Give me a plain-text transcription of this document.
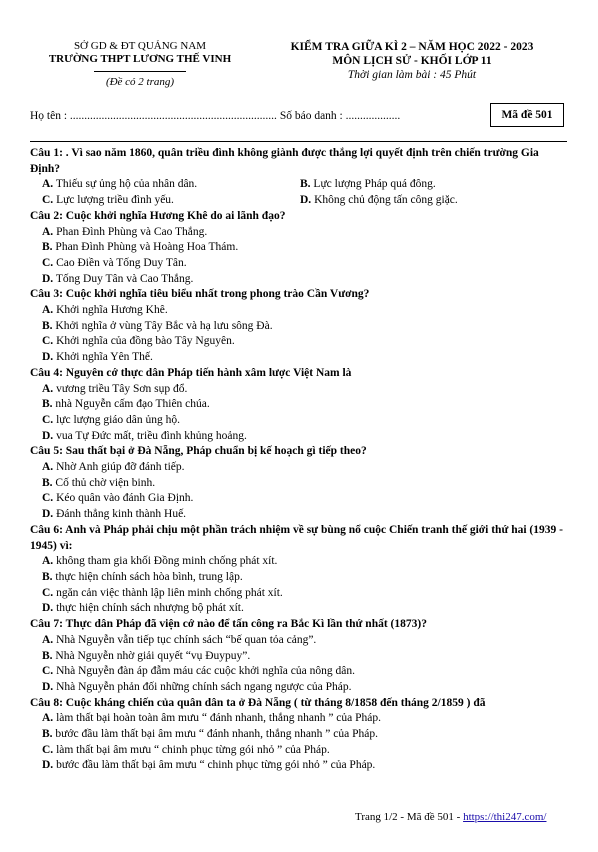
SỞ GD & ĐT QUẢNG NAM
TRƯỜNG THPT LƯƠNG THẾ VINH
(Đề có 2 trang)
KIỂM TRA GIỮA KÌ 2 – NĂM HỌC 2022 - 2023
MÔN LỊCH SỬ - KHỐI LỚP 11
Thời gian làm bài : 45 Phút
Họ tên : ........................................................................ Số báo danh : ...................	Mã đề 501
Câu 1: . Vì sao năm 1860, quân triều đình không giành được thắng lợi quyết định trên chiến trường Gia Định?
A. Thiếu sự ủng hộ của nhân dân.	B. Lực lượng Pháp quá đông.
C. Lực lượng triều đình yếu.	D. Không chủ động tấn công giặc.
Câu 2: Cuộc khởi nghĩa Hương Khê do ai lãnh đạo?
A. Phan Đình Phùng và Cao Thắng.
B. Phan Đình Phùng và Hoàng Hoa Thám.
C. Cao Điền và Tống Duy Tân.
D. Tống Duy Tân và Cao Thắng.
Câu 3: Cuộc khởi nghĩa tiêu biểu nhất trong phong trào Cần Vương?
A. Khởi nghĩa Hương Khê.
B. Khởi nghĩa ở vùng Tây Bắc và hạ lưu sông Đà.
C. Khởi nghĩa của đồng bào Tây Nguyên.
D. Khởi nghĩa Yên Thế.
Câu 4: Nguyên cớ thực dân Pháp tiến hành xâm lược Việt Nam là
A. vương triều Tây Sơn sụp đổ.
B. nhà Nguyễn cấm đạo Thiên chúa.
C. lực lượng giáo dân ủng hộ.
D. vua Tự Đức mất, triều đình khủng hoảng.
Câu 5: Sau thất bại ở Đà Nẵng, Pháp chuẩn bị kế hoạch gì tiếp theo?
A. Nhờ Anh giúp đỡ đánh tiếp.
B. Cố thủ chờ viện binh.
C. Kéo quân vào đánh Gia Định.
D. Đánh thẳng kinh thành Huế.
Câu 6: Anh và Pháp phải chịu một phần trách nhiệm về sự bùng nổ cuộc Chiến tranh thế giới thứ hai (1939 - 1945) vì:
A. không tham gia khối Đồng minh chống phát xít.
B. thực hiện chính sách hòa bình, trung lập.
C. ngăn cản việc thành lập liên minh chống phát xít.
D. thực hiện chính sách nhượng bộ phát xít.
Câu 7: Thực dân Pháp đã viện cớ nào để tấn công ra Bắc Kì lần thứ nhất (1873)?
A. Nhà Nguyễn vẫn tiếp tục chính sách “bế quan tỏa cảng”.
B. Nhà Nguyễn nhờ giải quyết “vụ Đuypuy”.
C. Nhà Nguyễn đàn áp đẫm máu các cuộc khởi nghĩa của nông dân.
D. Nhà Nguyễn phản đối những chính sách ngang ngược của Pháp.
Câu 8: Cuộc kháng chiến của quân dân ta ở Đà Nẵng ( từ tháng 8/1858 đến tháng 2/1859 ) đã
A. làm thất bại hoàn toàn âm mưu “ đánh nhanh, thắng nhanh ” của Pháp.
B. bước đầu làm thất bại âm mưu “ đánh nhanh, thắng nhanh ” của Pháp.
C. làm thất bại âm mưu “ chinh phục từng gói nhỏ ” của Pháp.
D. bước đầu làm thất bại âm mưu “ chinh phục từng gói nhỏ ” của Pháp.
Trang 1/2 - Mã đề 501 - https://thi247.com/
